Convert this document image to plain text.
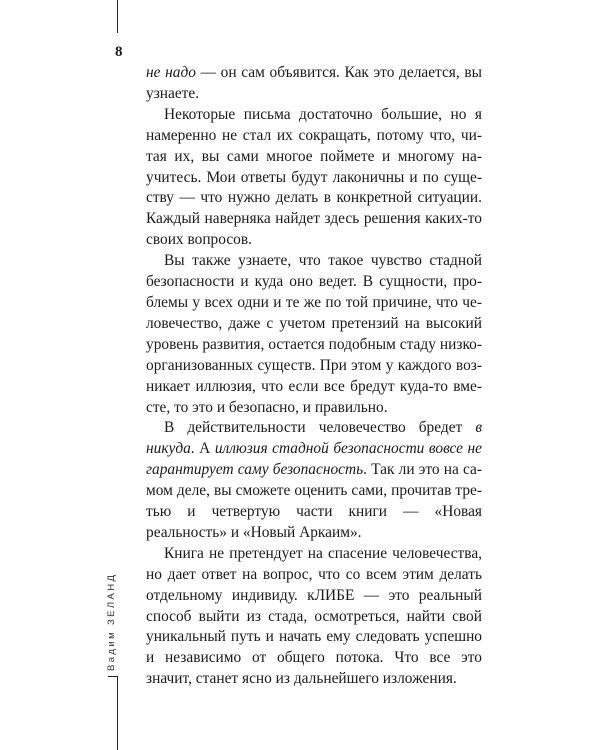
8

не надо — он сам объявится. Как это делается, вы узнаете.

Некоторые письма достаточно большие, но я намеренно не стал их сокращать, потому что, читая их, вы сами многое поймете и многому научитесь. Мои ответы будут лаконичны и по существу — что нужно делать в конкретной ситуации. Каждый наверняка найдет здесь решения каких-то своих вопросов.

Вы также узнаете, что такое чувство стадной безопасности и куда оно ведет. В сущности, проблемы у всех одни и те же по той причине, что человечество, даже с учетом претензий на высокий уровень развития, остается подобным стаду низкоорганизованных существ. При этом у каждого возникает иллюзия, что если все бредут куда-то вместе, то это и безопасно, и правильно.

В действительности человечество бредет в никуда. А иллюзия стадной безопасности вовсе не гарантирует саму безопасность. Так ли это на самом деле, вы сможете оценить сами, прочитав третью и четвертую части книги — «Новая реальность» и «Новый Аркаим».

Книга не претендует на спасение человечества, но дает ответ на вопрос, что со всем этим делать отдельному индивиду. кЛИБЕ — это реальный способ выйти из стада, осмотреться, найти свой уникальный путь и начать ему следовать успешно и независимо от общего потока. Что все это значит, станет ясно из дальнейшего изложения.

Вадим ЗЕЛАНД
